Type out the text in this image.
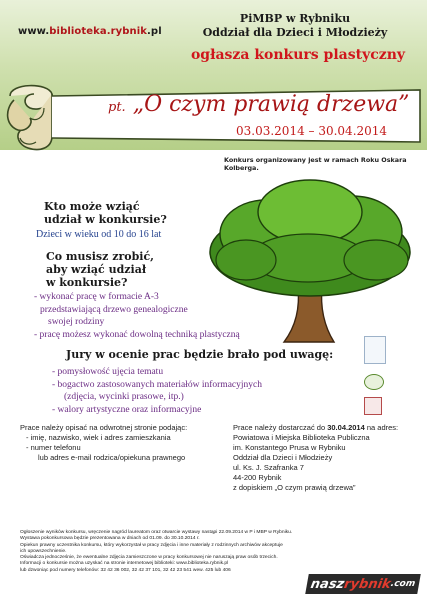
www.biblioteka.rybnik.pl
PiMBP w Rybniku
Oddział dla Dzieci i Młodzieży
ogłasza konkurs plastyczny
pt. „O czym prawią drzewa”
03.03.2014 – 30.04.2014
Konkurs organizowany jest w ramach Roku Oskara Kolberga.
Kto może wziąć
udział w konkursie?
Dzieci w wieku od 10 do 16 lat
Co musisz zrobić,
aby wziąć udział
w konkursie?
- wykonać pracę w formacie A-3
przedstawiającą drzewo genealogiczne
swojej rodziny
- pracę możesz wykonać dowolną techniką plastyczną
Jury w ocenie prac będzie brało pod uwagę:
- pomysłowość ujęcia tematu
- bogactwo zastosowanych materiałów informacyjnych
(zdjęcia, wycinki prasowe, itp.)
- walory artystyczne oraz informacyjne
Prace należy opisać na odwrotnej stronie podając:
- imię, nazwisko, wiek i adres zamieszkania
- numer telefonu
lub adres e-mail rodzica/opiekuna prawnego
Prace należy dostarczać do 30.04.2014 na adres:
Powiatowa i Miejska Biblioteka Publiczna
im. Konstantego Prusa w Rybniku
Oddział dla Dzieci i Młodzieży
ul. Ks. J. Szafranka 7
44-200 Rybnik
z dopiskiem „O czym prawią drzewa”
Ogłoszenie wyników konkursu, wręczenie nagród laureatom oraz otwarcie wystawy nastąpi 22.09.2014 w P i MBP w Rybniku.
Wystawa pokonkursowa będzie prezentowana w dniach od 01.09. do 30.10.2014 r.
Opiekun prawny uczestnika konkursu, który wykorzystał w pracy zdjęcia i inne materiały z rodzinnych archiwów akceptuje
ich upowszechnienie.
Oświadcza jednocześnie, że ewentualne zdjęcia zamieszczone w pracy konkursowej nie naruszają praw osób trzecich.
Informacji o konkursie można uzyskać na stronie internetowej biblioteki: www.biblioteka.rybnik.pl
lub dzwoniąc pod numery telefonów: 32 42 36 002, 32 42 37 101, 32 42 23 541 wew. 425 lub 406
nasz
rybnik
.com
